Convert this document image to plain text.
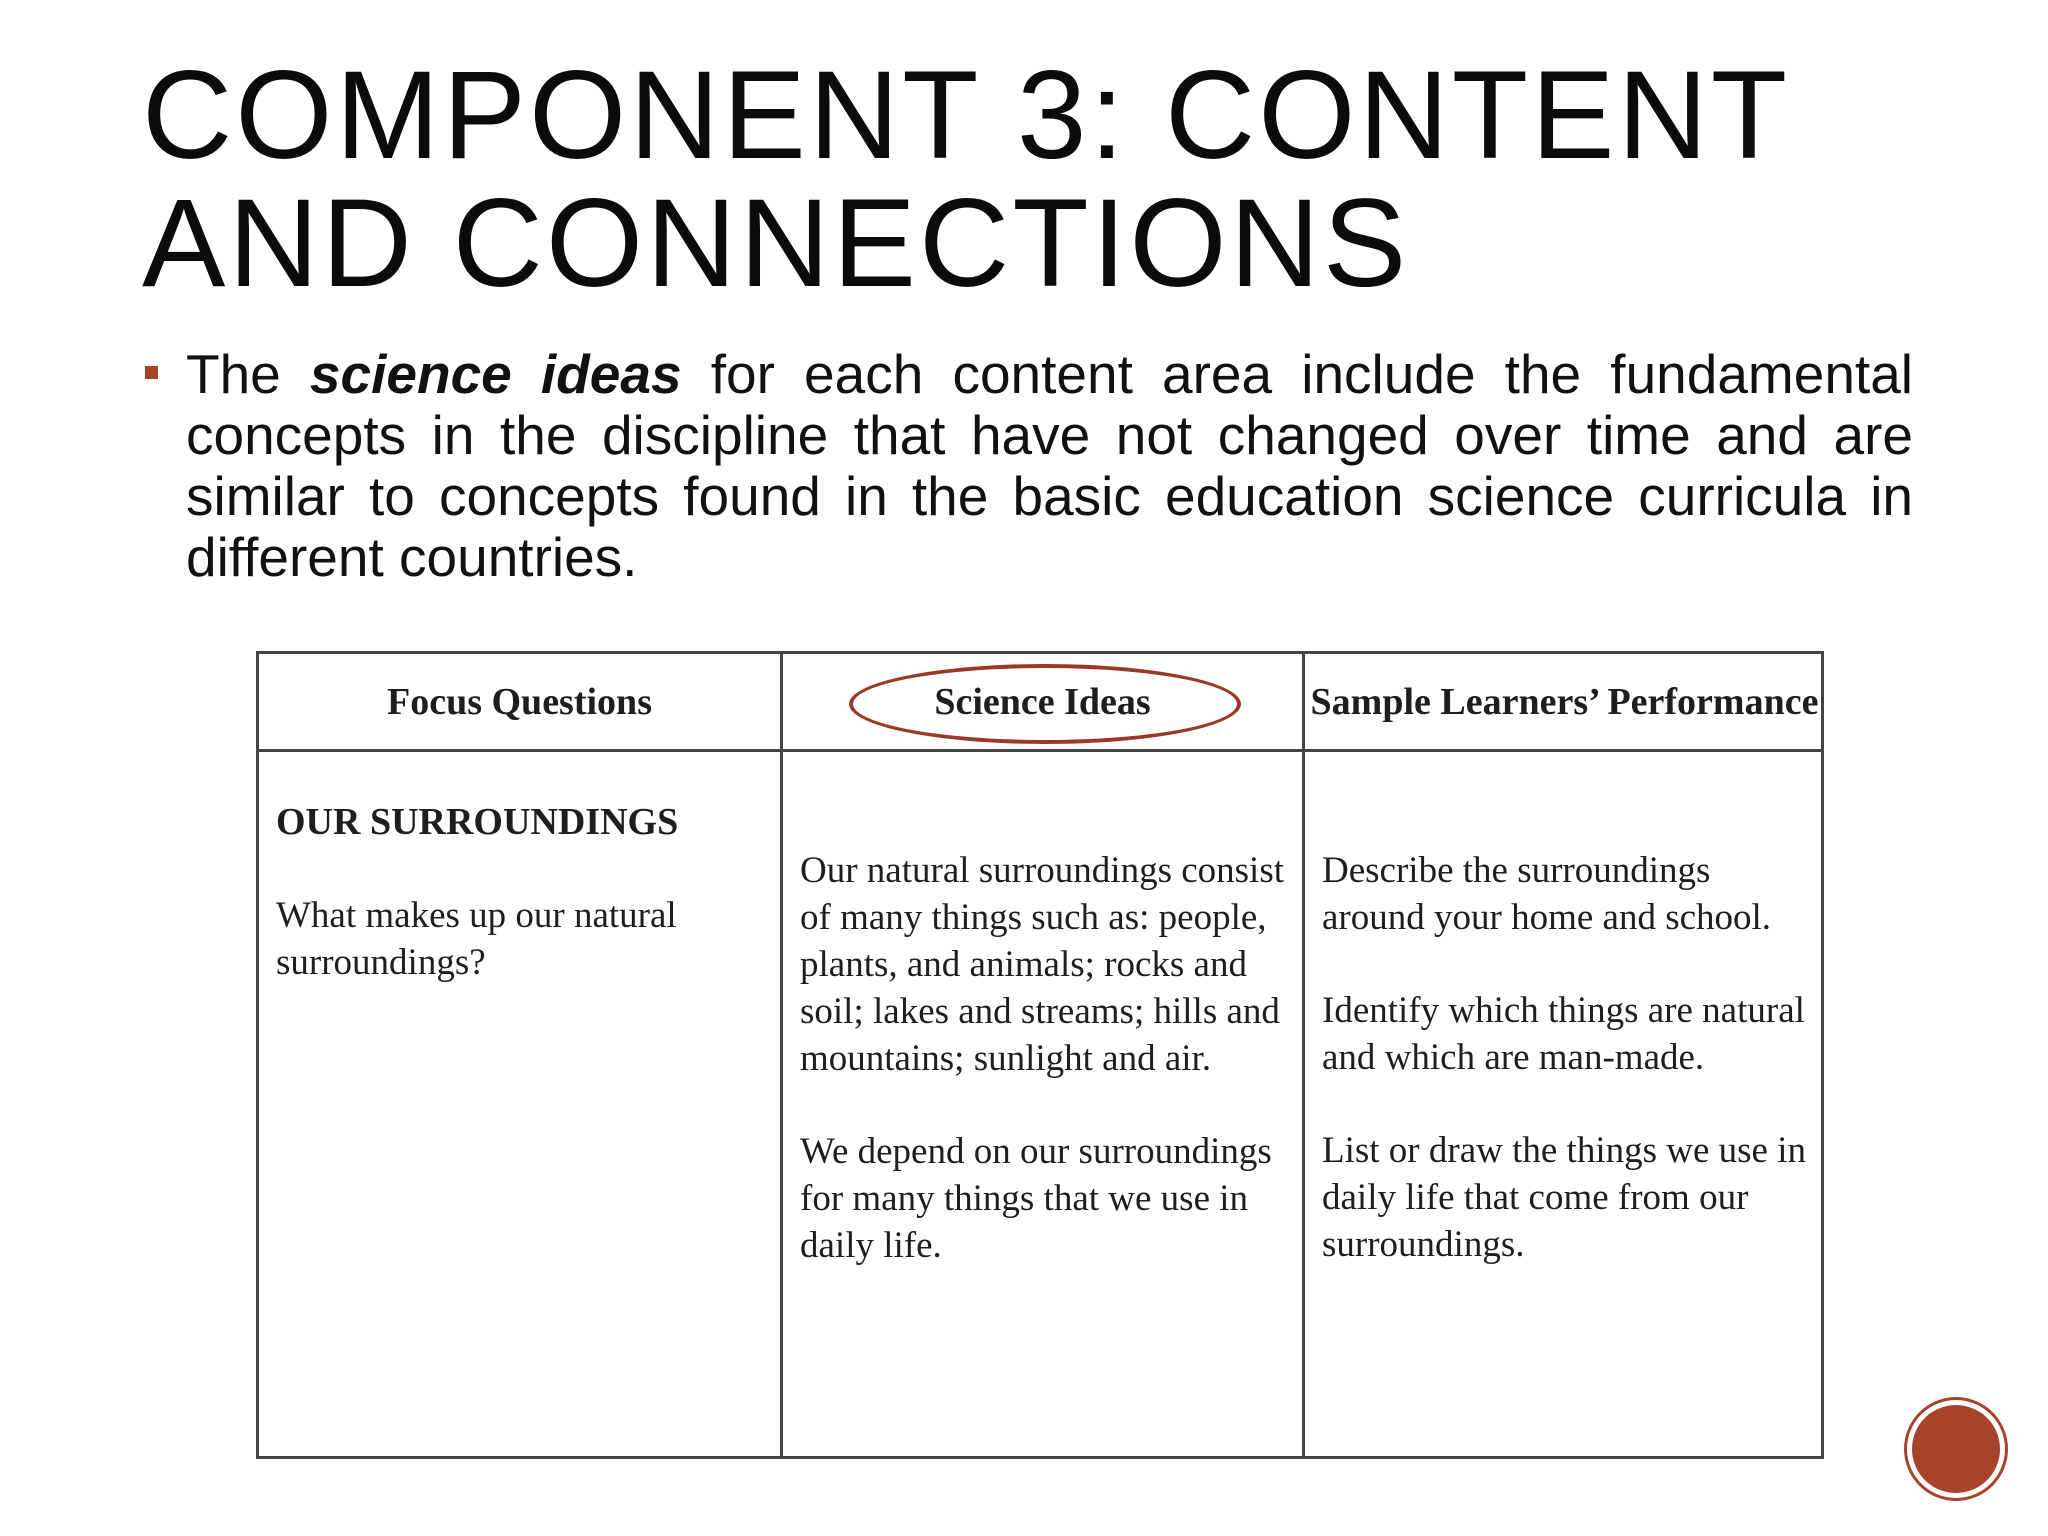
COMPONENT 3: CONTENT
AND CONNECTIONS
The science ideas for each content area include the fundamental concepts in the discipline that have not changed over time and are similar to concepts found in the basic education science curricula in different countries.
Focus Questions	Science Ideas	Sample Learners’ Performance
OUR SURROUNDINGS

What makes up our natural surroundings?

Our natural surroundings consist of many things such as: people, plants, and animals; rocks and soil; lakes and streams; hills and mountains; sunlight and air.

We depend on our surroundings for many things that we use in daily life.

Describe the surroundings around your home and school.

Identify which things are natural and which are man-made.

List or draw the things we use in daily life that come from our surroundings.
